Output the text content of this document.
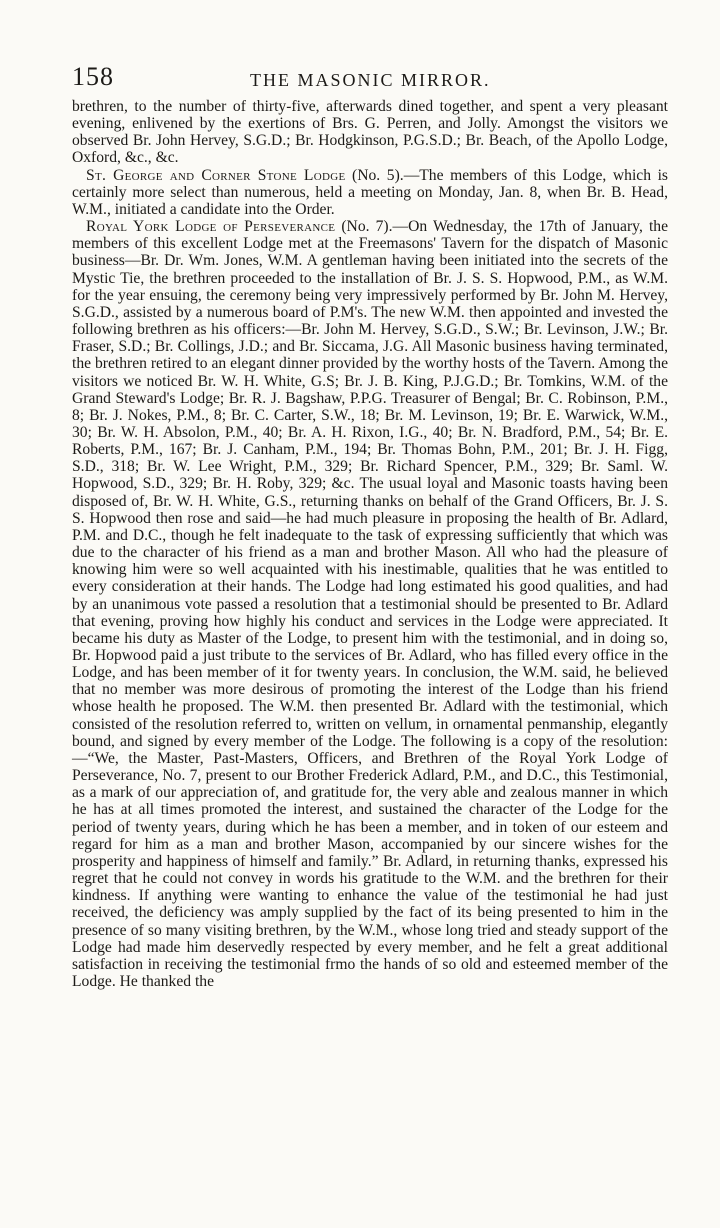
158	THE MASONIC MIRROR.

brethren, to the number of thirty-five, afterwards dined together, and spent a very pleasant evening, enlivened by the exertions of Brs. G. Perren, and Jolly. Amongst the visitors we observed Br. John Hervey, S.G.D.; Br. Hodgkinson, P.G.S.D.; Br. Beach, of the Apollo Lodge, Oxford, &c., &c.

St. George and Corner Stone Lodge (No. 5).—The members of this Lodge, which is certainly more select than numerous, held a meeting on Monday, Jan. 8, when Br. B. Head, W.M., initiated a candidate into the Order.

Royal York Lodge of Perseverance (No. 7).—On Wednesday, the 17th of January, the members of this excellent Lodge met at the Freemasons' Tavern for the dispatch of Masonic business—Br. Dr. Wm. Jones, W.M. A gentleman having been initiated into the secrets of the Mystic Tie, the brethren proceeded to the installation of Br. J. S. S. Hopwood, P.M., as W.M. for the year ensuing, the ceremony being very impressively performed by Br. John M. Hervey, S.G.D., assisted by a numerous board of P.M's. The new W.M. then appointed and invested the following brethren as his officers:—Br. John M. Hervey, S.G.D., S.W.; Br. Levinson, J.W.; Br. Fraser, S.D.; Br. Collings, J.D.; and Br. Siccama, J.G. All Masonic business having terminated, the brethren retired to an elegant dinner provided by the worthy hosts of the Tavern. Among the visitors we noticed Br. W. H. White, G.S; Br. J. B. King, P.J.G.D.; Br. Tomkins, W.M. of the Grand Steward's Lodge; Br. R. J. Bagshaw, P.P.G. Treasurer of Bengal; Br. C. Robinson, P.M., 8; Br. J. Nokes, P.M., 8; Br. C. Carter, S.W., 18; Br. M. Levinson, 19; Br. E. Warwick, W.M., 30; Br. W. H. Absolon, P.M., 40; Br. A. H. Rixon, I.G., 40; Br. N. Bradford, P.M., 54; Br. E. Roberts, P.M., 167; Br. J. Canham, P.M., 194; Br. Thomas Bohn, P.M., 201; Br. J. H. Figg, S.D., 318; Br. W. Lee Wright, P.M., 329; Br. Richard Spencer, P.M., 329; Br. Saml. W. Hopwood, S.D., 329; Br. H. Roby, 329; &c. The usual loyal and Masonic toasts having been disposed of, Br. W. H. White, G.S., returning thanks on behalf of the Grand Officers, Br. J. S. S. Hopwood then rose and said—he had much pleasure in proposing the health of Br. Adlard, P.M. and D.C., though he felt inadequate to the task of expressing sufficiently that which was due to the character of his friend as a man and brother Mason. All who had the pleasure of knowing him were so well acquainted with his inestimable, qualities that he was entitled to every consideration at their hands. The Lodge had long estimated his good qualities, and had by an unanimous vote passed a resolution that a testimonial should be presented to Br. Adlard that evening, proving how highly his conduct and services in the Lodge were appreciated. It became his duty as Master of the Lodge, to present him with the testimonial, and in doing so, Br. Hopwood paid a just tribute to the services of Br. Adlard, who has filled every office in the Lodge, and has been member of it for twenty years. In conclusion, the W.M. said, he believed that no member was more desirous of promoting the interest of the Lodge than his friend whose health he proposed. The W.M. then presented Br. Adlard with the testimonial, which consisted of the resolution referred to, written on vellum, in ornamental penmanship, elegantly bound, and signed by every member of the Lodge. The following is a copy of the resolution:—“We, the Master, Past-Masters, Officers, and Brethren of the Royal York Lodge of Perseverance, No. 7, present to our Brother Frederick Adlard, P.M., and D.C., this Testimonial, as a mark of our appreciation of, and gratitude for, the very able and zealous manner in which he has at all times promoted the interest, and sustained the character of the Lodge for the period of twenty years, during which he has been a member, and in token of our esteem and regard for him as a man and brother Mason, accompanied by our sincere wishes for the prosperity and happiness of himself and family.” Br. Adlard, in returning thanks, expressed his regret that he could not convey in words his gratitude to the W.M. and the brethren for their kindness. If anything were wanting to enhance the value of the testimonial he had just received, the deficiency was amply supplied by the fact of its being presented to him in the presence of so many visiting brethren, by the W.M., whose long tried and steady support of the Lodge had made him deservedly respected by every member, and he felt a great additional satisfaction in receiving the testimonial frmo the hands of so old and esteemed member of the Lodge. He thanked the
